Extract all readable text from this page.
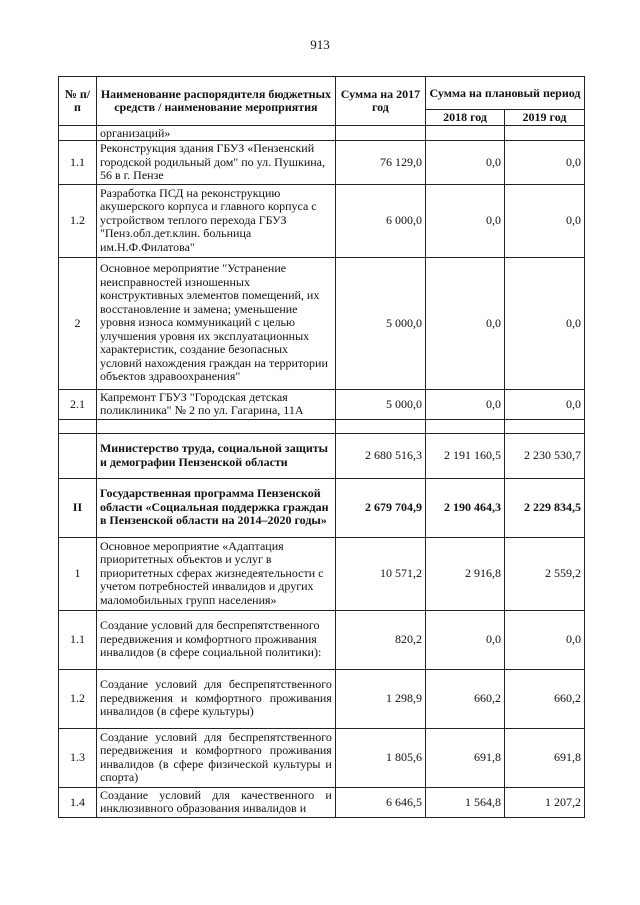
913
№ п/п	Наименование распорядителя бюджетных средств / наименование мероприятия	Сумма на 2017 год	Сумма на плановый период	
			2018 год	2019 год
	организаций»			
1.1	Реконструкция здания ГБУЗ «Пензенский городской родильный дом" по ул. Пушкина, 56 в г. Пензе	76 129,0	0,0	0,0
1.2	Разработка ПСД на реконструкцию акушерского корпуса и главного корпуса с устройством теплого перехода ГБУЗ "Пенз.обл.дет.клин. больница им.Н.Ф.Филатова"	6 000,0	0,0	0,0
2	Основное мероприятие "Устранение неисправностей изношенных конструктивных элементов помещений, их восстановление и замена; уменьшение уровня износа коммуникаций с целью улучшения уровня их эксплуатационных характеристик, создание безопасных условий нахождения граждан на территории объектов здравоохранения"	5 000,0	0,0	0,0
2.1	Капремонт ГБУЗ "Городская детская поликлиника" № 2 по ул. Гагарина, 11А	5 000,0	0,0	0,0

	Министерство труда, социальной защиты и демографии Пензенской области	2 680 516,3	2 191 160,5	2 230 530,7
II	Государственная программа Пензенской области «Социальная поддержка граждан в Пензенской области на 2014–2020 годы»	2 679 704,9	2 190 464,3	2 229 834,5
1	Основное мероприятие «Адаптация приоритетных объектов и услуг в приоритетных сферах жизнедеятельности с учетом потребностей инвалидов и других маломобильных групп населения»	10 571,2	2 916,8	2 559,2
1.1	Создание условий для беспрепятственного передвижения и комфортного проживания инвалидов (в сфере социальной политики):	820,2	0,0	0,0
1.2	Создание условий для беспрепятственного передвижения и комфортного проживания инвалидов (в сфере культуры)	1 298,9	660,2	660,2
1.3	Создание условий для беспрепятственного передвижения и комфортного проживания инвалидов (в сфере физической культуры и спорта)	1 805,6	691,8	691,8
1.4	Создание условий для качественного и инклюзивного образования инвалидов и	6 646,5	1 564,8	1 207,2
